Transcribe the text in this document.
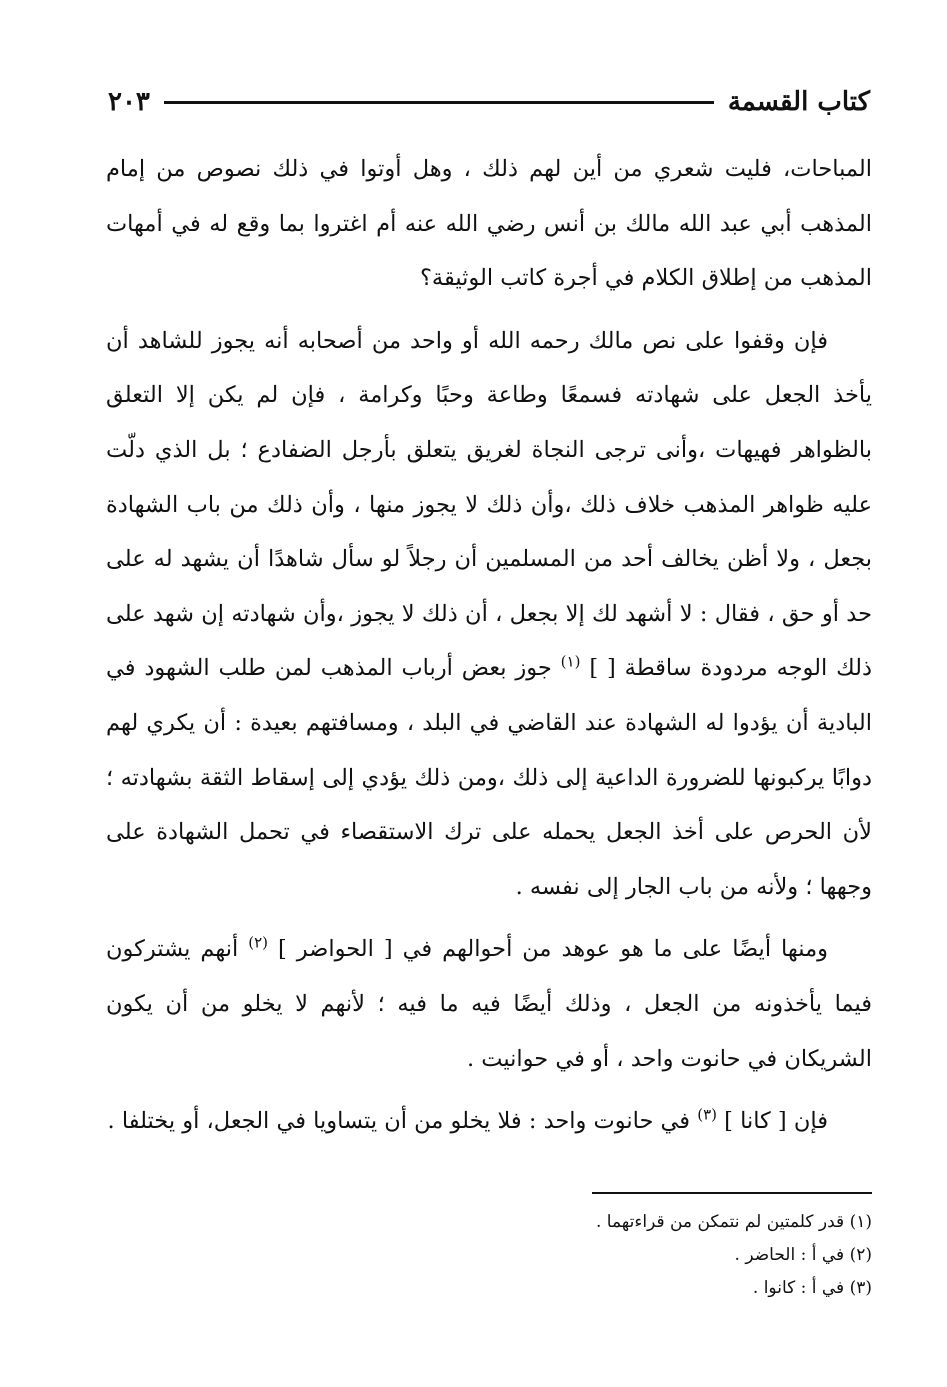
كتاب القسمة
٢٠٣

المباحات، فليت شعري من أين لهم ذلك ، وهل أوتوا في ذلك نصوص من إمام المذهب أبي عبد الله مالك بن أنس رضي الله عنه أم اغتروا بما وقع له في أمهات المذهب من إطلاق الكلام في أجرة كاتب الوثيقة؟

فإن وقفوا على نص مالك رحمه الله أو واحد من أصحابه أنه يجوز للشاهد أن يأخذ الجعل على شهادته فسمعًا وطاعة وحبًا وكرامة ، فإن لم يكن إلا التعلق بالظواهر فهيهات ،وأنى ترجى النجاة لغريق يتعلق بأرجل الضفادع ؛ بل الذي دلّت عليه ظواهر المذهب خلاف ذلك ،وأن ذلك لا يجوز منها ، وأن ذلك من باب الشهادة بجعل ، ولا أظن يخالف أحد من المسلمين أن رجلاً لو سأل شاهدًا أن يشهد له على حد أو حق ، فقال : لا أشهد لك إلا بجعل ، أن ذلك لا يجوز ،وأن شهادته إن شهد على ذلك الوجه مردودة ساقطة [ ] $^{(١)}$ جوز بعض أرباب المذهب لمن طلب الشهود في البادية أن يؤدوا له الشهادة عند القاضي في البلد ، ومسافتهم بعيدة : أن يكري لهم دوابًا يركبونها للضرورة الداعية إلى ذلك ،ومن ذلك يؤدي إلى إسقاط الثقة بشهادته ؛ لأن الحرص على أخذ الجعل يحمله على ترك الاستقصاء في تحمل الشهادة على وجهها ؛ ولأنه من باب الجار إلى نفسه .

ومنها أيضًا على ما هو عوهد من أحوالهم في [ الحواضر ] $^{(٢)}$ أنهم يشتركون فيما يأخذونه من الجعل ، وذلك أيضًا فيه ما فيه ؛ لأنهم لا يخلو من أن يكون الشريكان في حانوت واحد ، أو في حوانيت .

فإن [ كانا ] $^{(٣)}$ في حانوت واحد : فلا يخلو من أن يتساويا في الجعل، أو يختلفا .

(١) قدر كلمتين لم نتمكن من قراءتهما .

(٢) في أ : الحاضر .

(٣) في أ : كانوا .
